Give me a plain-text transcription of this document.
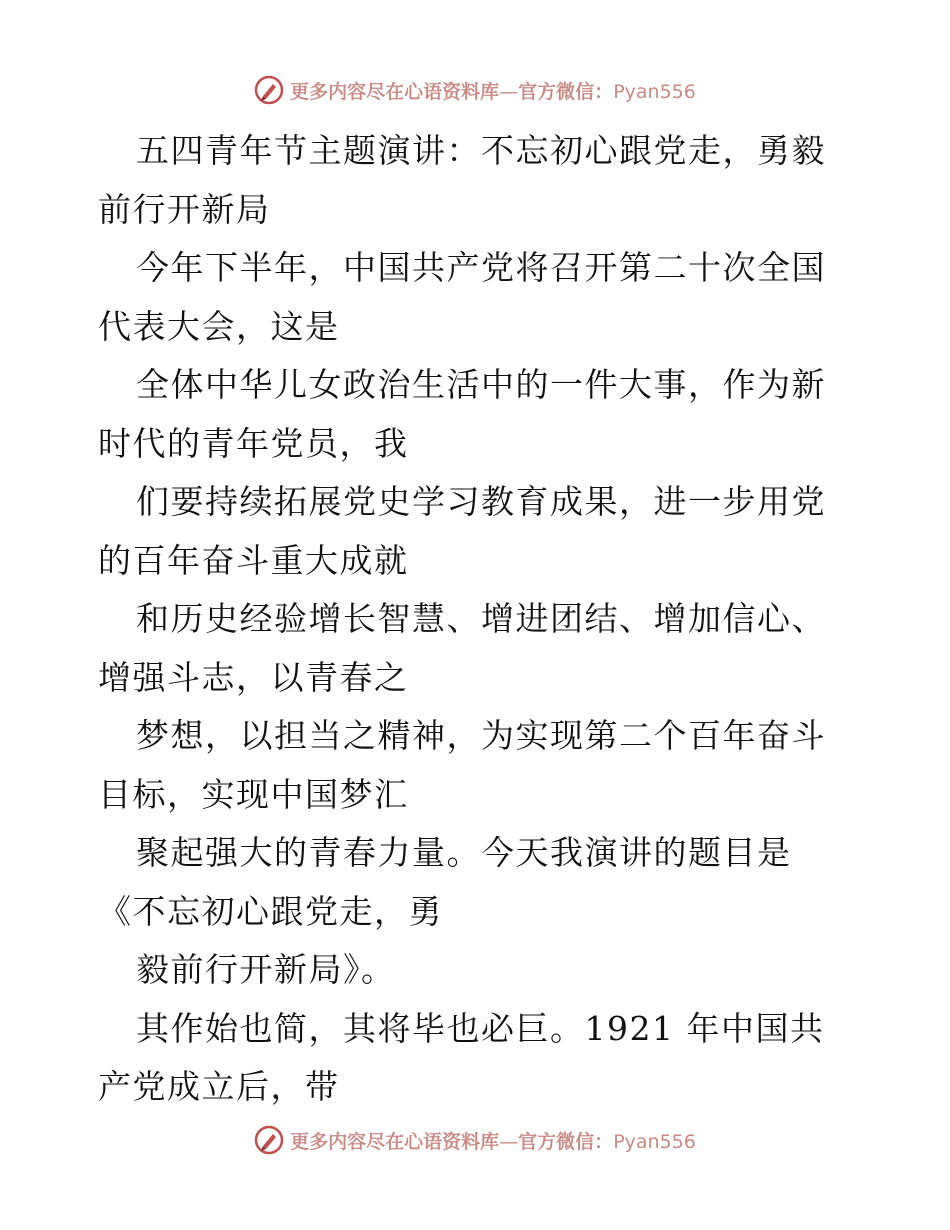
更多内容尽在心语资料库—官方微信：Pyan556

五四青年节主题演讲：不忘初心跟党走，勇毅前行开新局

今年下半年，中国共产党将召开第二十次全国代表大会，这是

全体中华儿女政治生活中的一件大事，作为新时代的青年党员，我

们要持续拓展党史学习教育成果，进一步用党的百年奋斗重大成就

和历史经验增长智慧、增进团结、增加信心、增强斗志，以青春之

梦想，以担当之精神，为实现第二个百年奋斗目标，实现中国梦汇

聚起强大的青春力量。今天我演讲的题目是《不忘初心跟党走，勇

毅前行开新局》。

其作始也简，其将毕也必巨。1921 年中国共产党成立后，带

更多内容尽在心语资料库—官方微信：Pyan556
